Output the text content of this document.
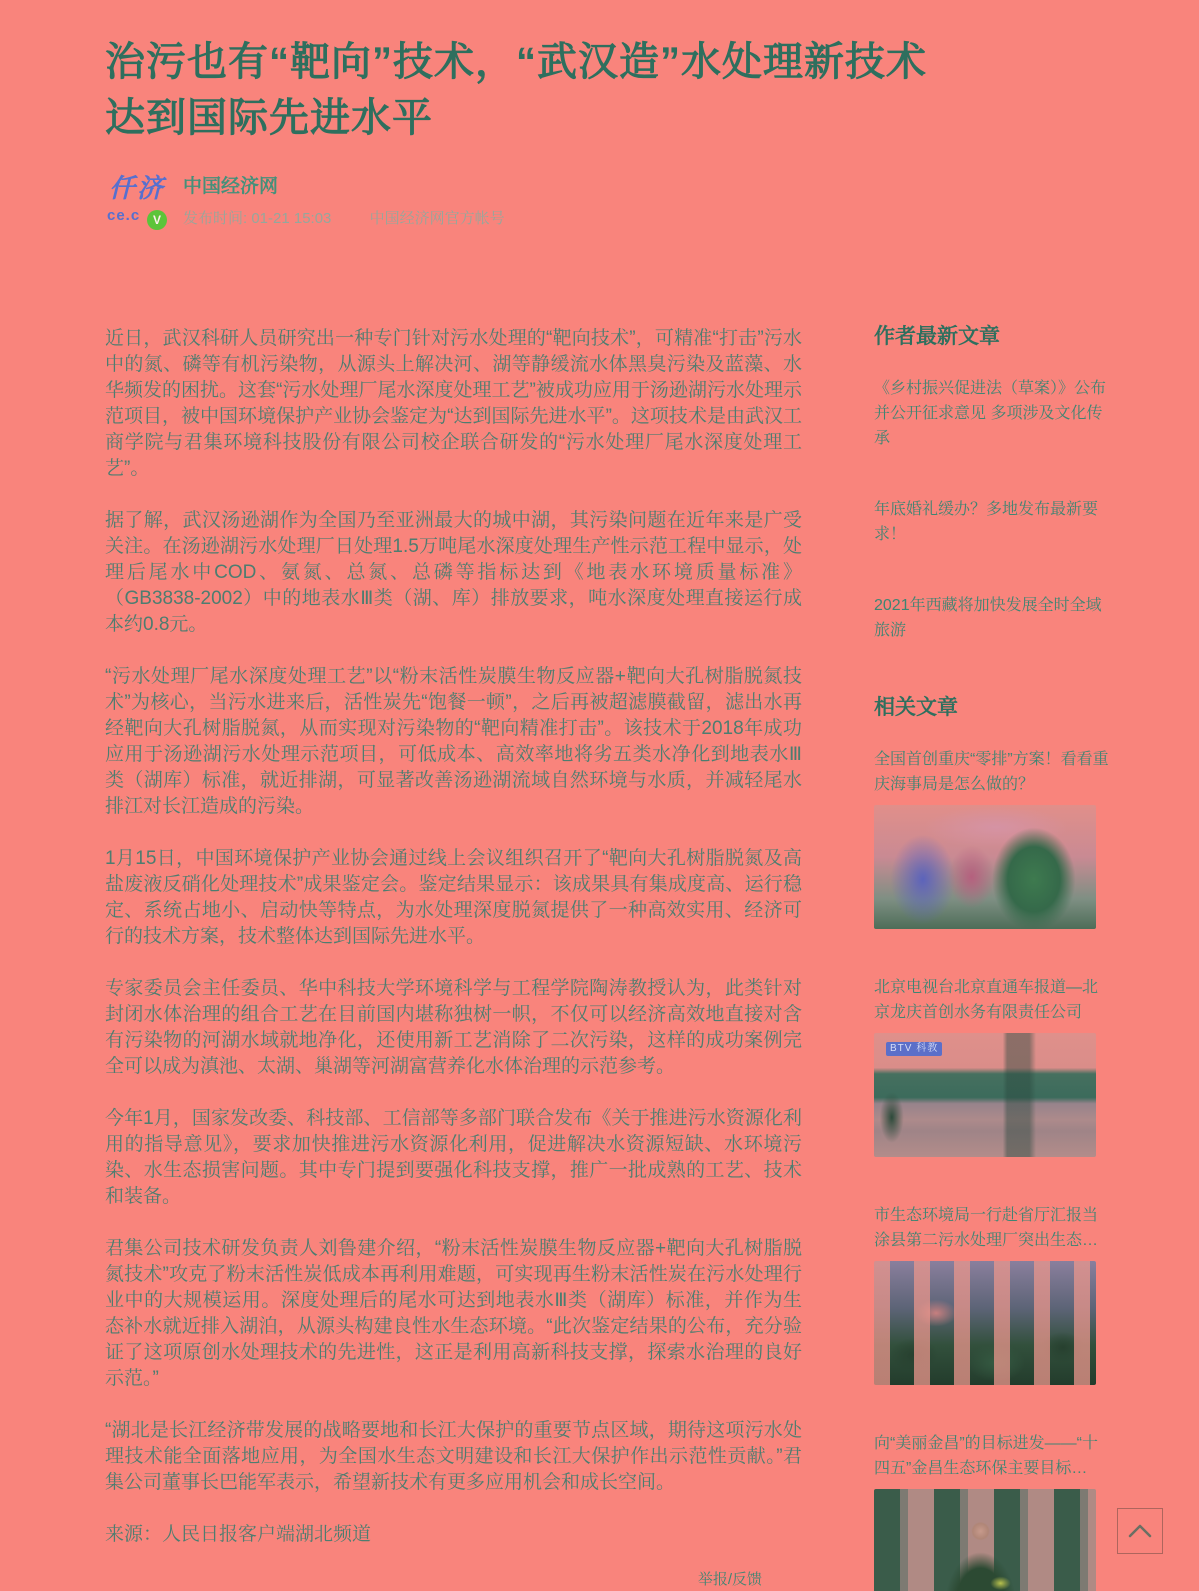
治污也有“靶向”技术，“武汉造”水处理新技术
达到国际先进水平
仟济
ce.c	V
中国经济网
发布时间: 01-21 15:03	中国经济网官方帐号

近日，武汉科研人员研究出一种专门针对污水处理的“靶向技术”，可精准“打击”污水中的氮、磷等有机污染物，从源头上解决河、湖等静缓流水体黑臭污染及蓝藻、水华频发的困扰。这套“污水处理厂尾水深度处理工艺”被成功应用于汤逊湖污水处理示范项目，被中国环境保护产业协会鉴定为“达到国际先进水平”。这项技术是由武汉工商学院与君集环境科技股份有限公司校企联合研发的“污水处理厂尾水深度处理工艺”。

据了解，武汉汤逊湖作为全国乃至亚洲最大的城中湖，其污染问题在近年来是广受关注。在汤逊湖污水处理厂日处理1.5万吨尾水深度处理生产性示范工程中显示，处理后尾水中COD、氨氮、总氮、总磷等指标达到《地表水环境质量标准》（GB3838-2002）中的地表水Ⅲ类（湖、库）排放要求，吨水深度处理直接运行成本约0.8元。

“污水处理厂尾水深度处理工艺”以“粉末活性炭膜生物反应器+靶向大孔树脂脱氮技术”为核心，当污水进来后，活性炭先“饱餐一顿”，之后再被超滤膜截留，滤出水再经靶向大孔树脂脱氮，从而实现对污染物的“靶向精准打击”。该技术于2018年成功应用于汤逊湖污水处理示范项目，可低成本、高效率地将劣五类水净化到地表水Ⅲ类（湖库）标准，就近排湖，可显著改善汤逊湖流域自然环境与水质，并减轻尾水排江对长江造成的污染。

1月15日，中国环境保护产业协会通过线上会议组织召开了“靶向大孔树脂脱氮及高盐废液反硝化处理技术”成果鉴定会。鉴定结果显示：该成果具有集成度高、运行稳定、系统占地小、启动快等特点，为水处理深度脱氮提供了一种高效实用、经济可行的技术方案，技术整体达到国际先进水平。

专家委员会主任委员、华中科技大学环境科学与工程学院陶涛教授认为，此类针对封闭水体治理的组合工艺在目前国内堪称独树一帜，不仅可以经济高效地直接对含有污染物的河湖水域就地净化，还使用新工艺消除了二次污染，这样的成功案例完全可以成为滇池、太湖、巢湖等河湖富营养化水体治理的示范参考。

今年1月，国家发改委、科技部、工信部等多部门联合发布《关于推进污水资源化利用的指导意见》，要求加快推进污水资源化利用，促进解决水资源短缺、水环境污染、水生态损害问题。其中专门提到要强化科技支撑，推广一批成熟的工艺、技术和装备。

君集公司技术研发负责人刘鲁建介绍，“粉末活性炭膜生物反应器+靶向大孔树脂脱氮技术”攻克了粉末活性炭低成本再利用难题，可实现再生粉末活性炭在污水处理行业中的大规模运用。深度处理后的尾水可达到地表水Ⅲ类（湖库）标准，并作为生态补水就近排入湖泊，从源头构建良性水生态环境。“此次鉴定结果的公布，充分验证了这项原创水处理技术的先进性，这正是利用高新科技支撑，探索水治理的良好示范。”

“湖北是长江经济带发展的战略要地和长江大保护的重要节点区域，期待这项污水处理技术能全面落地应用，为全国水生态文明建设和长江大保护作出示范性贡献。”君集公司董事长巴能军表示，希望新技术有更多应用机会和成长空间。

来源：人民日报客户端湖北频道

举报/反馈
作者最新文章
《乡村振兴促进法（草案）》公布并公开征求意见 多项涉及文化传承
年底婚礼缓办？多地发布最新要求！
2021年西藏将加快发展全时全域旅游
相关文章
全国首创重庆“零排”方案！看看重庆海事局是怎么做的？
北京电视台北京直通车报道—北京龙庆首创水务有限责任公司
BTV 科教
市生态环境局一行赴省厅汇报当涂县第二污水处理厂突出生态…
向“美丽金昌”的目标进发——“十四五”金昌生态环保主要目标…
